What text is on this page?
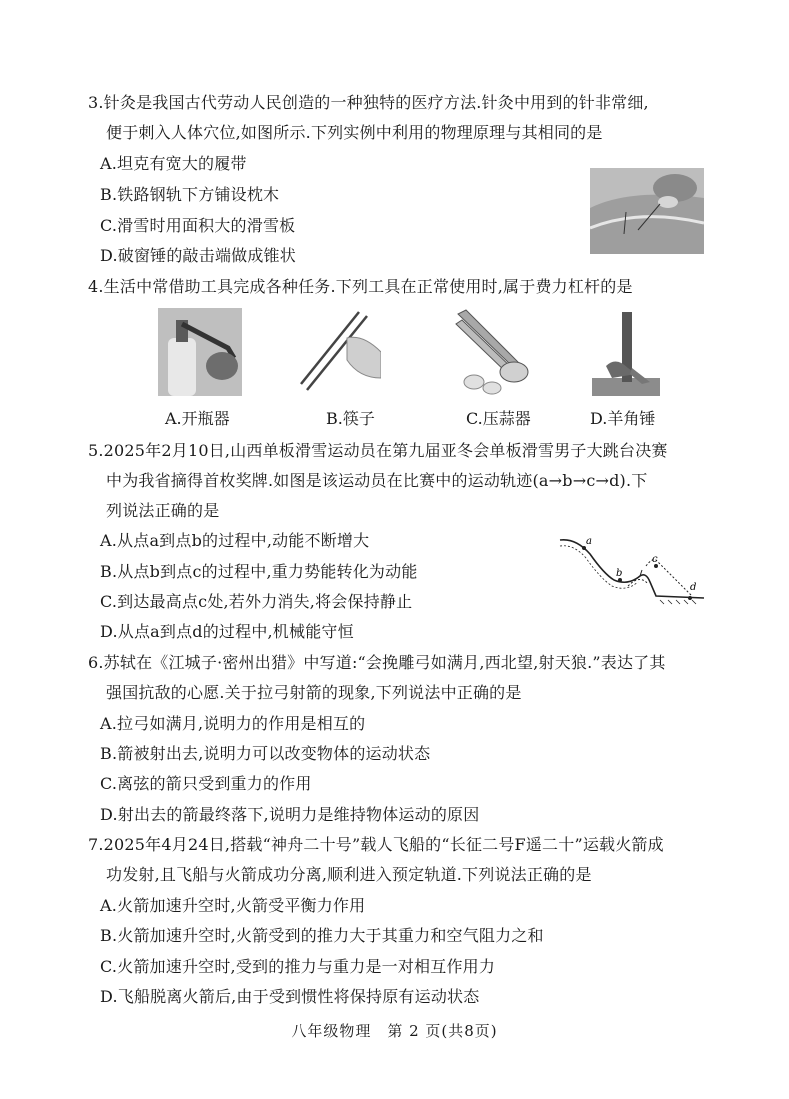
3.针灸是我国古代劳动人民创造的一种独特的医疗方法.针灸中用到的针非常细,
便于刺入人体穴位,如图所示.下列实例中利用的物理原理与其相同的是
A.坦克有宽大的履带
B.铁路钢轨下方铺设枕木
C.滑雪时用面积大的滑雪板
D.破窗锤的敲击端做成锥状
4.生活中常借助工具完成各种任务.下列工具在正常使用时,属于费力杠杆的是
A.开瓶器	B.筷子	C.压蒜器	D.羊角锤
5.2025年2月10日,山西单板滑雪运动员在第九届亚冬会单板滑雪男子大跳台决赛
中为我省摘得首枚奖牌.如图是该运动员在比赛中的运动轨迹(a→b→c→d).下
列说法正确的是
A.从点a到点b的过程中,动能不断增大
B.从点b到点c的过程中,重力势能转化为动能
C.到达最高点c处,若外力消失,将会保持静止
D.从点a到点d的过程中,机械能守恒
a
b
c
d
6.苏轼在《江城子·密州出猎》中写道:“会挽雕弓如满月,西北望,射天狼.”表达了其
强国抗敌的心愿.关于拉弓射箭的现象,下列说法中正确的是
A.拉弓如满月,说明力的作用是相互的
B.箭被射出去,说明力可以改变物体的运动状态
C.离弦的箭只受到重力的作用
D.射出去的箭最终落下,说明力是维持物体运动的原因
7.2025年4月24日,搭载“神舟二十号”载人飞船的“长征二号F遥二十”运载火箭成
功发射,且飞船与火箭成功分离,顺利进入预定轨道.下列说法正确的是
A.火箭加速升空时,火箭受平衡力作用
B.火箭加速升空时,火箭受到的推力大于其重力和空气阻力之和
C.火箭加速升空时,受到的推力与重力是一对相互作用力
D.飞船脱离火箭后,由于受到惯性将保持原有运动状态
八年级物理　第 2 页(共8页)
